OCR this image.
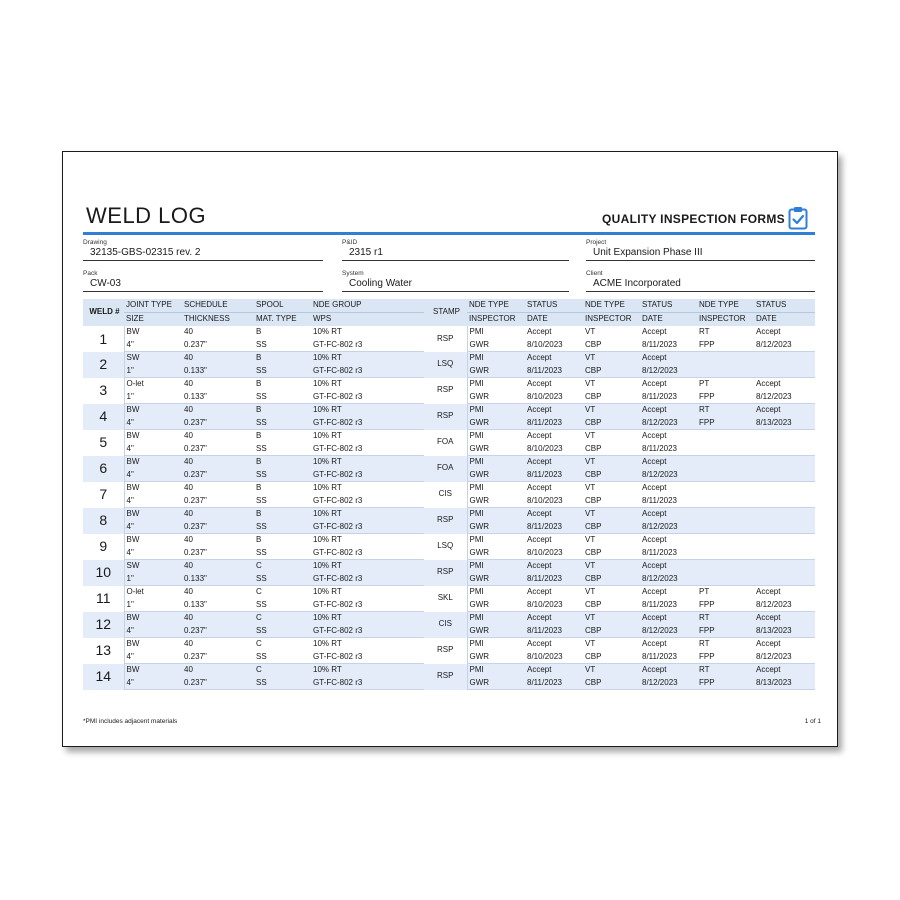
WELD LOG	QUALITY INSPECTION FORMS
Drawing
32135-GBS-02315 rev. 2
P&ID
2315 r1
Project
Unit Expansion Phase III
Pack
CW-03
System
Cooling Water
Client
ACME Incorporated
WELD #	JOINT TYPE	SCHEDULE	SPOOL	NDE GROUP	STAMP	NDE TYPE	STATUS	NDE TYPE	STATUS	NDE TYPE	STATUS
	SIZE	THICKNESS	MAT. TYPE	WPS		INSPECTOR	DATE	INSPECTOR	DATE	INSPECTOR	DATE
1	BW	40	B	10% RT	RSP	PMI	Accept	VT	Accept	RT	Accept
	4"	0.237"	SS	GT-FC-802 r3		GWR	8/10/2023	CBP	8/11/2023	FPP	8/12/2023
2	SW	40	B	10% RT	LSQ	PMI	Accept	VT	Accept		
	1"	0.133"	SS	GT-FC-802 r3		GWR	8/11/2023	CBP	8/12/2023		
3	O-let	40	B	10% RT	RSP	PMI	Accept	VT	Accept	PT	Accept
	1"	0.133"	SS	GT-FC-802 r3		GWR	8/10/2023	CBP	8/11/2023	FPP	8/12/2023
4	BW	40	B	10% RT	RSP	PMI	Accept	VT	Accept	RT	Accept
	4"	0.237"	SS	GT-FC-802 r3		GWR	8/11/2023	CBP	8/12/2023	FPP	8/13/2023
5	BW	40	B	10% RT	FOA	PMI	Accept	VT	Accept		
	4"	0.237"	SS	GT-FC-802 r3		GWR	8/10/2023	CBP	8/11/2023		
6	BW	40	B	10% RT	FOA	PMI	Accept	VT	Accept		
	4"	0.237"	SS	GT-FC-802 r3		GWR	8/11/2023	CBP	8/12/2023		
7	BW	40	B	10% RT	CIS	PMI	Accept	VT	Accept		
	4"	0.237"	SS	GT-FC-802 r3		GWR	8/10/2023	CBP	8/11/2023		
8	BW	40	B	10% RT	RSP	PMI	Accept	VT	Accept		
	4"	0.237"	SS	GT-FC-802 r3		GWR	8/11/2023	CBP	8/12/2023		
9	BW	40	B	10% RT	LSQ	PMI	Accept	VT	Accept		
	4"	0.237"	SS	GT-FC-802 r3		GWR	8/10/2023	CBP	8/11/2023		
10	SW	40	C	10% RT	RSP	PMI	Accept	VT	Accept		
	1"	0.133"	SS	GT-FC-802 r3		GWR	8/11/2023	CBP	8/12/2023		
11	O-let	40	C	10% RT	SKL	PMI	Accept	VT	Accept	PT	Accept
	1"	0.133"	SS	GT-FC-802 r3		GWR	8/10/2023	CBP	8/11/2023	FPP	8/12/2023
12	BW	40	C	10% RT	CIS	PMI	Accept	VT	Accept	RT	Accept
	4"	0.237"	SS	GT-FC-802 r3		GWR	8/11/2023	CBP	8/12/2023	FPP	8/13/2023
13	BW	40	C	10% RT	RSP	PMI	Accept	VT	Accept	RT	Accept
	4"	0.237"	SS	GT-FC-802 r3		GWR	8/10/2023	CBP	8/11/2023	FPP	8/12/2023
14	BW	40	C	10% RT	RSP	PMI	Accept	VT	Accept	RT	Accept
	4"	0.237"	SS	GT-FC-802 r3		GWR	8/11/2023	CBP	8/12/2023	FPP	8/13/2023
*PMI includes adjacent materials	1 of 1
